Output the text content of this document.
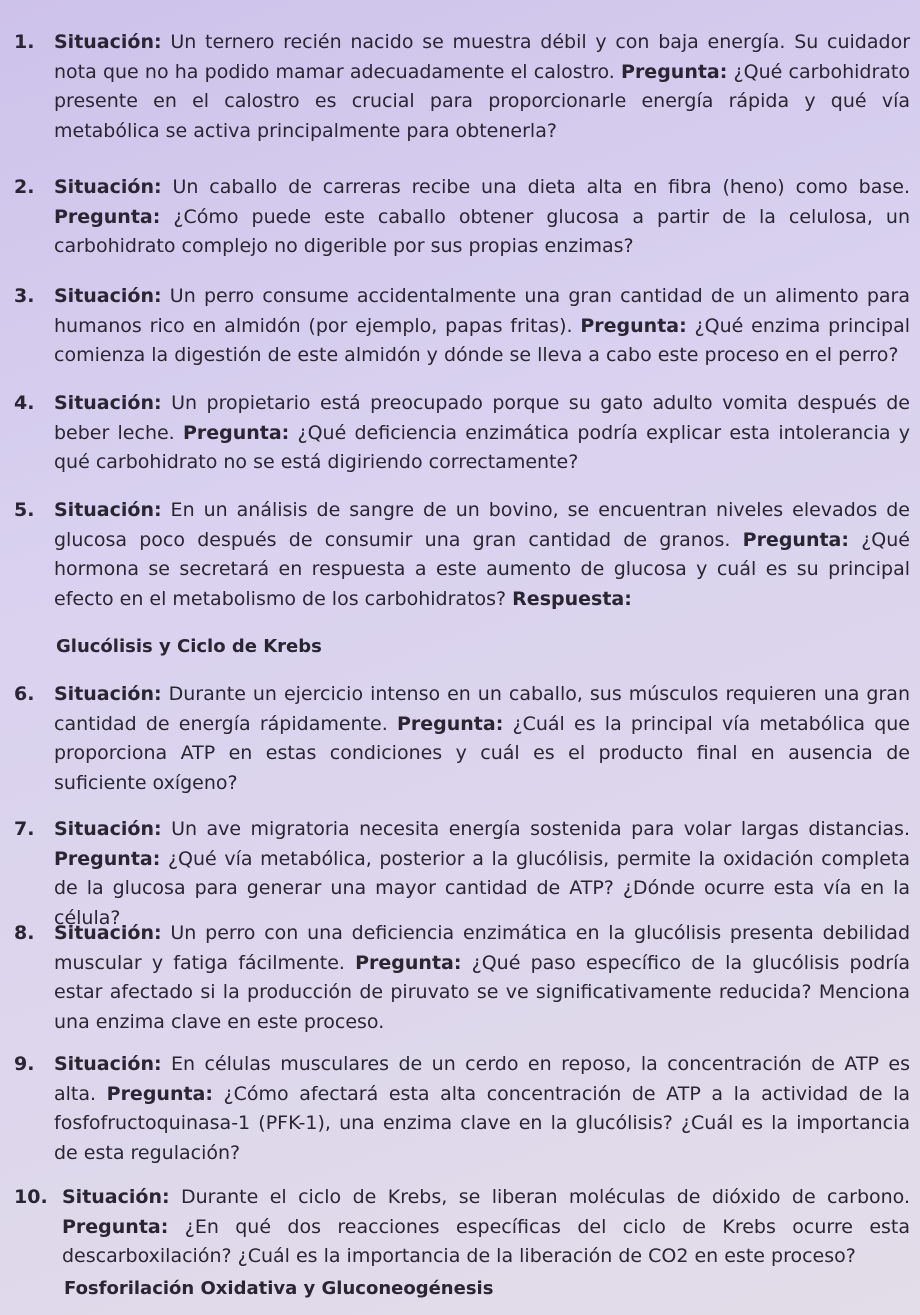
1. Situación: Un ternero recién nacido se muestra débil y con baja energía. Su cuidador nota que no ha podido mamar adecuadamente el calostro. Pregunta: ¿Qué carbohidrato presente en el calostro es crucial para proporcionarle energía rápida y qué vía metabólica se activa principalmente para obtenerla?
2. Situación: Un caballo de carreras recibe una dieta alta en fibra (heno) como base. Pregunta: ¿Cómo puede este caballo obtener glucosa a partir de la celulosa, un carbohidrato complejo no digerible por sus propias enzimas?
3. Situación: Un perro consume accidentalmente una gran cantidad de un alimento para humanos rico en almidón (por ejemplo, papas fritas). Pregunta: ¿Qué enzima principal comienza la digestión de este almidón y dónde se lleva a cabo este proceso en el perro?
4. Situación: Un propietario está preocupado porque su gato adulto vomita después de beber leche. Pregunta: ¿Qué deficiencia enzimática podría explicar esta intolerancia y qué carbohidrato no se está digiriendo correctamente?
5. Situación: En un análisis de sangre de un bovino, se encuentran niveles elevados de glucosa poco después de consumir una gran cantidad de granos. Pregunta: ¿Qué hormona se secretará en respuesta a este aumento de glucosa y cuál es su principal efecto en el metabolismo de los carbohidratos? Respuesta:
Glucólisis y Ciclo de Krebs
6. Situación: Durante un ejercicio intenso en un caballo, sus músculos requieren una gran cantidad de energía rápidamente. Pregunta: ¿Cuál es la principal vía metabólica que proporciona ATP en estas condiciones y cuál es el producto final en ausencia de suficiente oxígeno?
7. Situación: Un ave migratoria necesita energía sostenida para volar largas distancias. Pregunta: ¿Qué vía metabólica, posterior a la glucólisis, permite la oxidación completa de la glucosa para generar una mayor cantidad de ATP? ¿Dónde ocurre esta vía en la célula?
8. Situación: Un perro con una deficiencia enzimática en la glucólisis presenta debilidad muscular y fatiga fácilmente. Pregunta: ¿Qué paso específico de la glucólisis podría estar afectado si la producción de piruvato se ve significativamente reducida? Menciona una enzima clave en este proceso.
9. Situación: En células musculares de un cerdo en reposo, la concentración de ATP es alta. Pregunta: ¿Cómo afectará esta alta concentración de ATP a la actividad de la fosfofructoquinasa-1 (PFK-1), una enzima clave en la glucólisis? ¿Cuál es la importancia de esta regulación?
10. Situación: Durante el ciclo de Krebs, se liberan moléculas de dióxido de carbono. Pregunta: ¿En qué dos reacciones específicas del ciclo de Krebs ocurre esta descarboxilación? ¿Cuál es la importancia de la liberación de CO2 en este proceso?
Fosforilación Oxidativa y Gluconeogénesis
